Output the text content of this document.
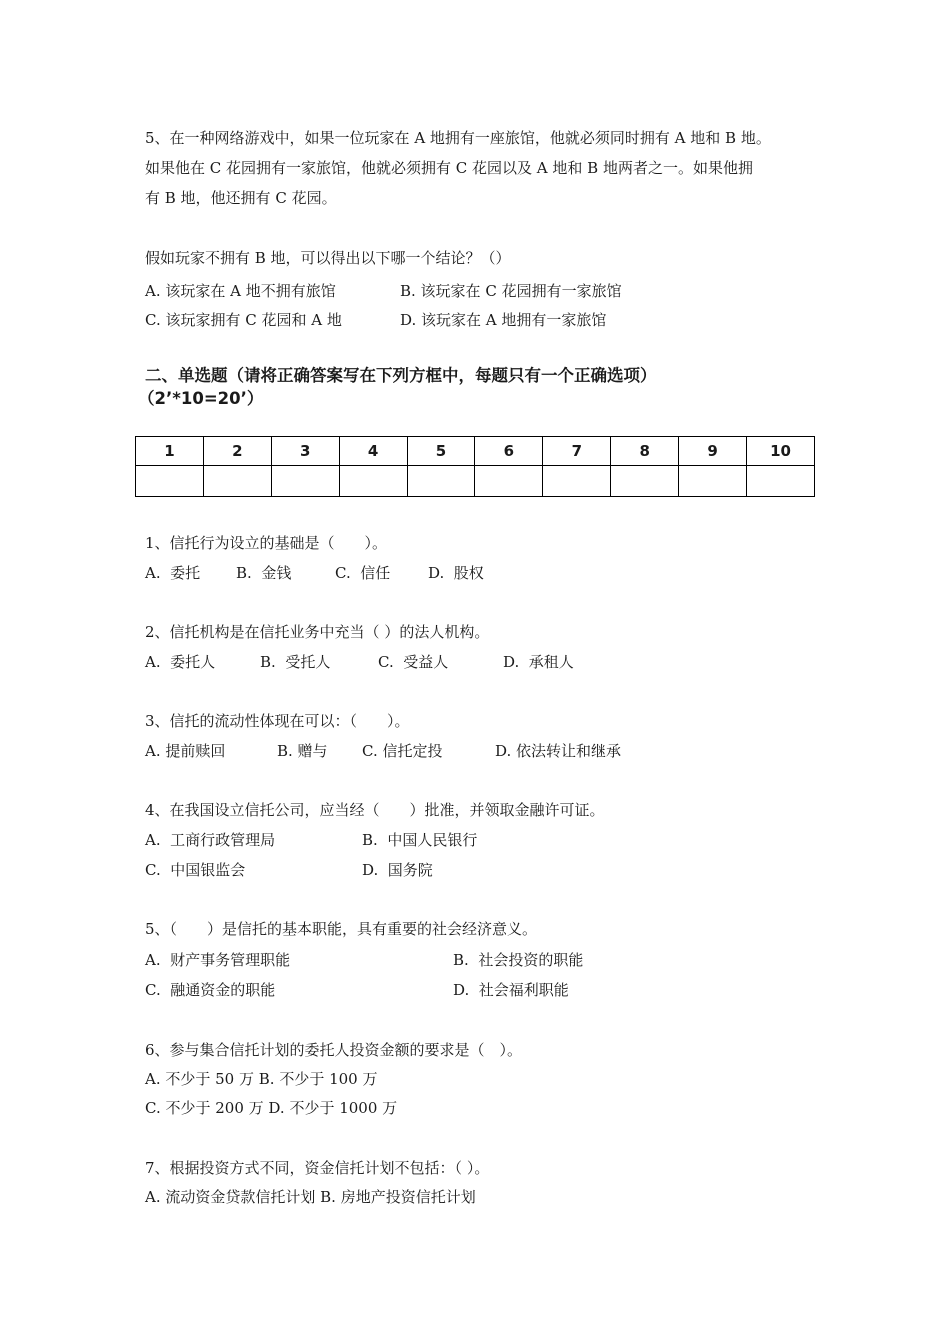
5、在一种网络游戏中，如果一位玩家在 A 地拥有一座旅馆，他就必须同时拥有 A 地和 B 地。
如果他在 C 花园拥有一家旅馆，他就必须拥有 C 花园以及 A 地和 B 地两者之一。如果他拥
有 B 地，他还拥有 C 花园。
假如玩家不拥有 B 地，可以得出以下哪一个结论？（）
A. 该玩家在 A 地不拥有旅馆	B. 该玩家在 C 花园拥有一家旅馆
C. 该玩家拥有 C 花园和 A 地	D. 该玩家在 A 地拥有一家旅馆
二、单选题（请将正确答案写在下列方框中，每题只有一个正确选项）
（2’*10=20’）
1	2	3	4	5	6	7	8	9	10

1、信托行为设立的基础是（　　）。
A.  委托 B.  金钱	C.  信任	D.  股权
2、信托机构是在信托业务中充当（ ）的法人机构。
A.  委托人	B.  受托人	C.  受益人	D.  承租人
3、信托的流动性体现在可以：（　　）。
A. 提前赎回	B. 赠与 C. 信托定投	D. 依法转让和继承
4、在我国设立信托公司，应当经（　　）批准，并领取金融许可证。
A.  工商行政管理局	B.  中国人民银行
C.  中国银监会	D.  国务院
5、（　　）是信托的基本职能，具有重要的社会经济意义。
A.  财产事务管理职能	B.  社会投资的职能
C.  融通资金的职能	D.  社会福利职能
6、参与集合信托计划的委托人投资金额的要求是（　）。
A. 不少于 50 万 B. 不少于 100 万
C. 不少于 200 万 D. 不少于 1000 万
7、根据投资方式不同，资金信托计划不包括：（ ）。
A. 流动资金贷款信托计划 B. 房地产投资信托计划
